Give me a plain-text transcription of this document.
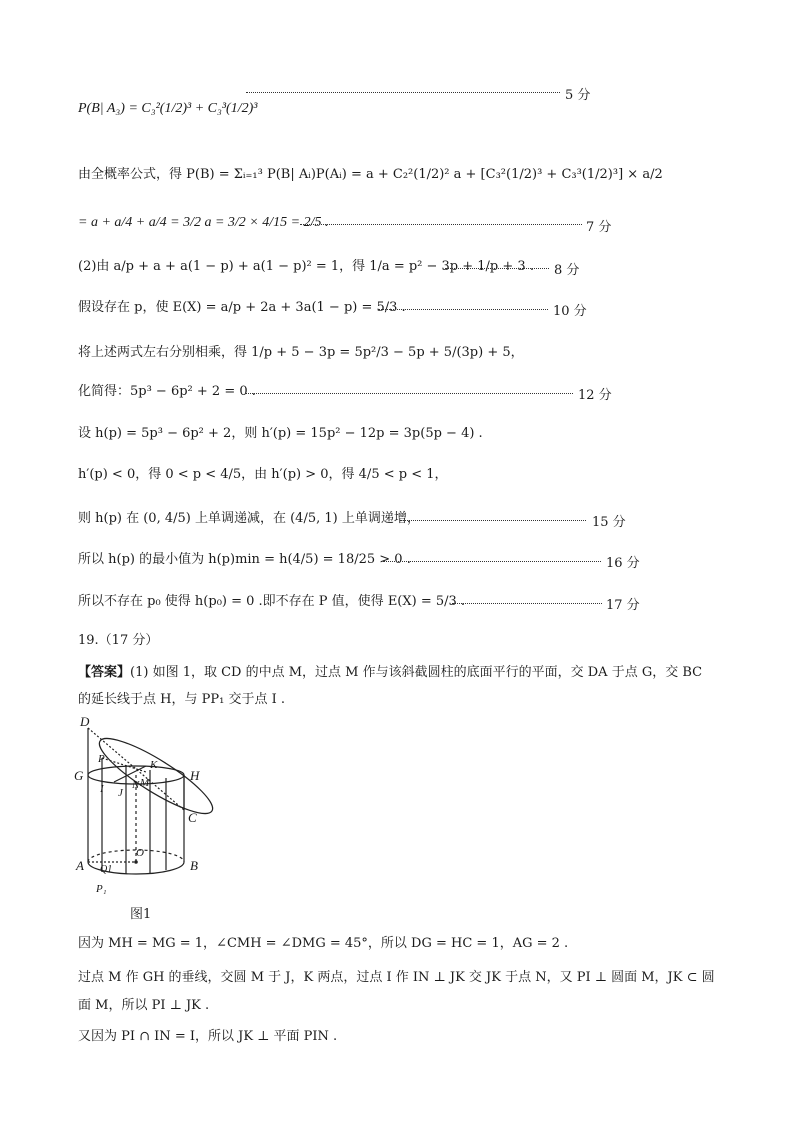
P(B| A₃) = C₃²(1/2)³ + C₃³(1/2)³
5 分
由全概率公式，得 P(B) = Σᵢ₌₁³ P(B| Aᵢ)P(Aᵢ) = a + C₂²(1/2)² a + [C₃²(1/2)³ + C₃³(1/2)³] × a/2
= a + a/4 + a/4 = 3/2 a = 3/2 × 4/15 = 2/5 .	7 分
(2)由 a/p + a + a(1 − p) + a(1 − p)² = 1，得 1/a = p² − 3p + 1/p + 3 . 8 分
假设存在 p，使 E(X) = a/p + 2a + 3a(1 − p) = 5/3 .	10 分
将上述两式左右分别相乘，得 1/p + 5 − 3p = 5p²/3 − 5p + 5/(3p) + 5，
化简得：5p³ − 6p² + 2 = 0 .	12 分
设 h(p) = 5p³ − 6p² + 2，则 h′(p) = 15p² − 12p = 3p(5p − 4) .
h′(p) < 0，得 0 < p < 4/5，由 h′(p) > 0，得 4/5 < p < 1，
则 h(p) 在 (0, 4/5) 上单调递减，在 (4/5, 1) 上单调递增，	15 分
所以 h(p) 的最小值为 h(p)min = h(4/5) = 18/25 > 0 .	16 分
所以不存在 p₀ 使得 h(p₀) = 0 .即不存在 P 值，使得 E(X) = 5/3 .	17 分
19.（17 分）
【答案】(1) 如图 1，取 CD 的中点 M，过点 M 作与该斜截圆柱的底面平行的平面，交 DA 于点 G，交 BC
的延长线于点 H，与 PP₁ 交于点 I .
D
P	K
G	H
I J
N M
C
O
A Q1	B
P₁
图1
因为 MH = MG = 1，∠CMH = ∠DMG = 45°，所以 DG = HC = 1，AG = 2 .
过点 M 作 GH 的垂线，交圆 M 于 J，K 两点，过点 I 作 IN ⊥ JK 交 JK 于点 N，又 PI ⊥ 圆面 M，JK ⊂ 圆
面 M，所以 PI ⊥ JK .
又因为 PI ∩ IN = I，所以 JK ⊥ 平面 PIN .
